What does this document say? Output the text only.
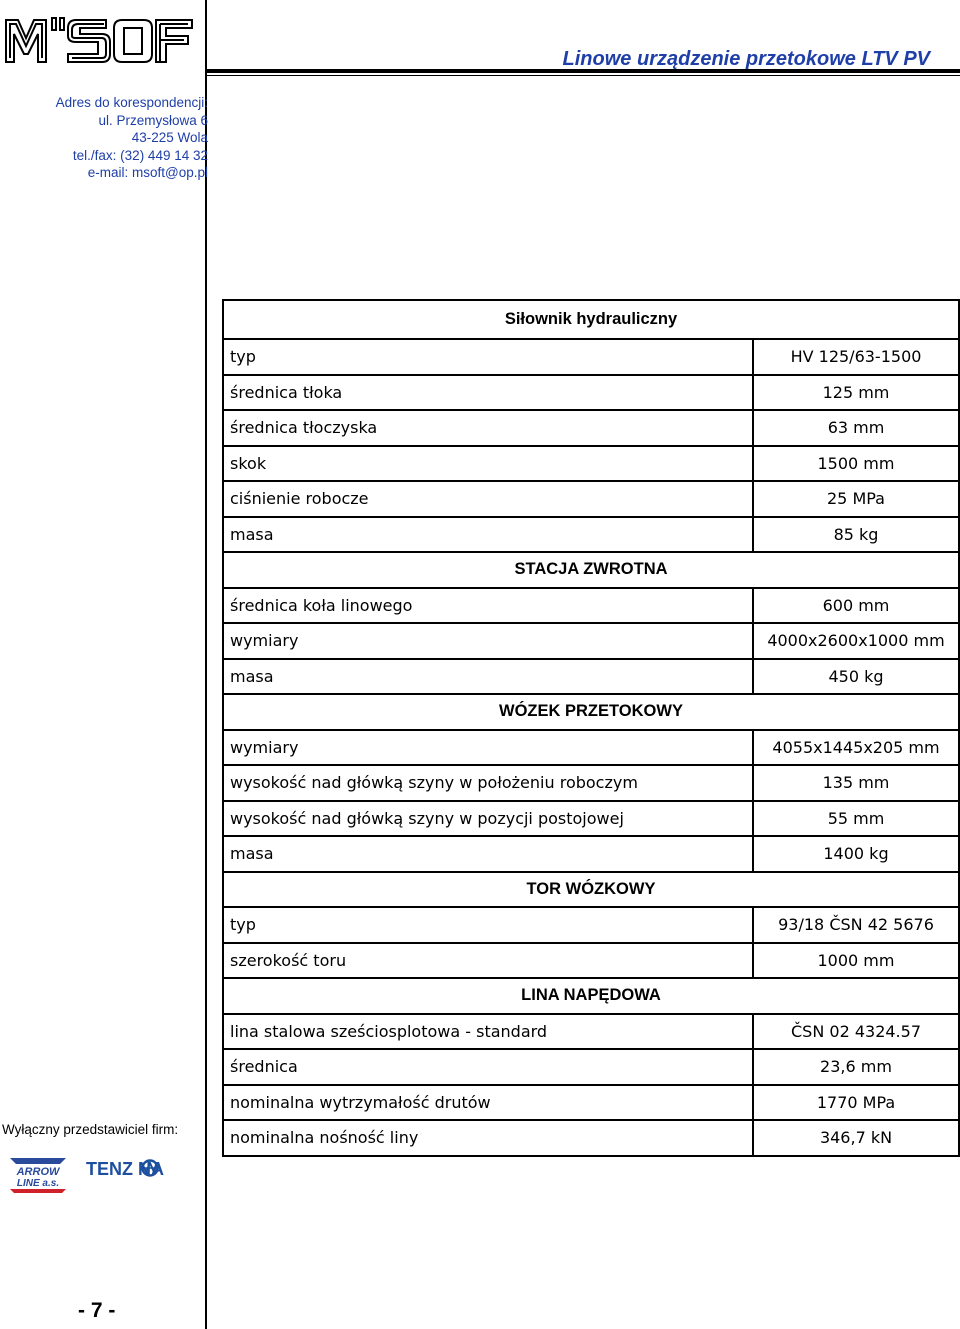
Linowe urządzenie przetokowe LTV PV
Adres do korespondencji:
ul. Przemysłowa 6
43-225 Wola
tel./fax: (32) 449 14 32
e-mail: msoft@op.pl
Siłownik hydrauliczny	
typ	HV 125/63-1500
średnica tłoka	125 mm
średnica tłoczyska	63 mm
skok	1500 mm
ciśnienie robocze	25 MPa
masa	85 kg
STACJA ZWROTNA	
średnica koła linowego	600 mm
wymiary	4000x2600x1000 mm
masa	450 kg
WÓZEK PRZETOKOWY	
wymiary	4055x1445x205 mm
wysokość nad główką szyny w położeniu roboczym	135 mm
wysokość nad główką szyny w pozycji postojowej	55 mm
masa	1400 kg
TOR WÓZKOWY	
typ	93/18 ČSN 42 5676
szerokość toru	1000 mm
LINA NAPĘDOWA	
lina stalowa sześciosplotowa - standard	ČSN 02 4324.57
średnica	23,6 mm
nominalna wytrzymałość drutów	1770 MPa
nominalna nośność liny	346,7 kN
Wyłączny przedstawiciel firm:
ARROW
LINE a.s.
TENZ NA
- 7 -
